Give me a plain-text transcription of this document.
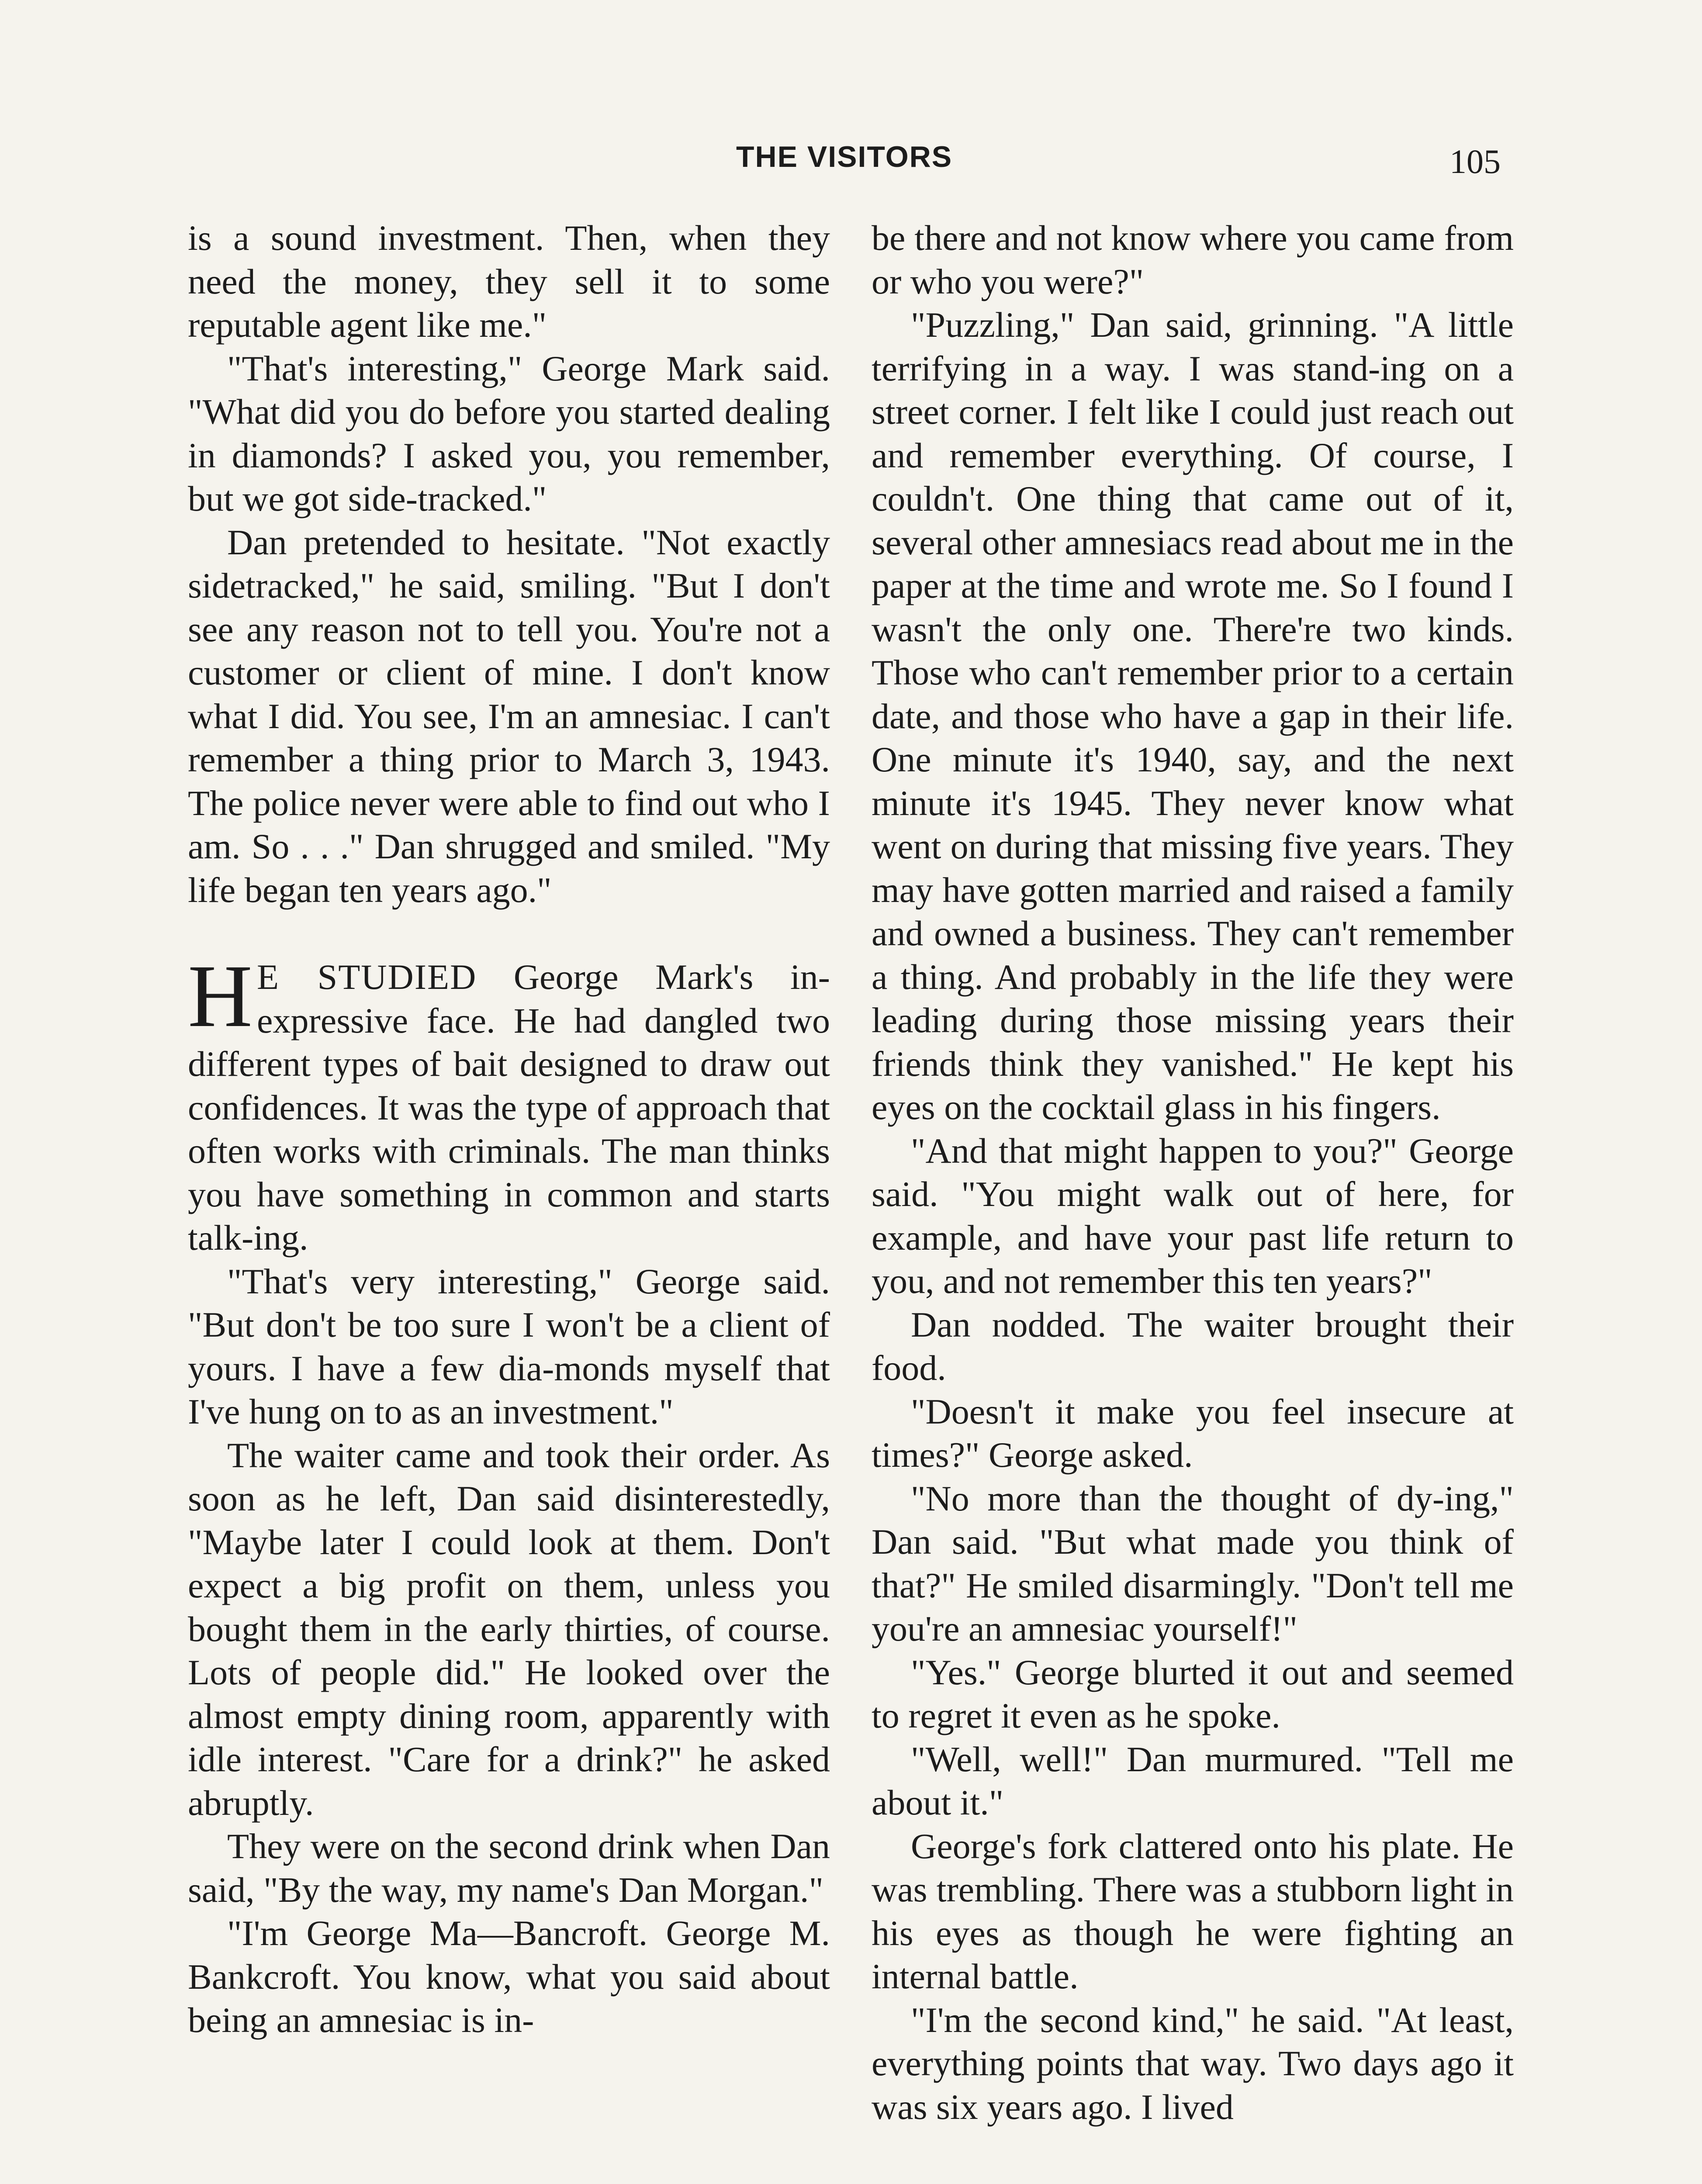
THE VISITORS	105

is a sound investment. Then, when they need the money, they sell it to some reputable agent like me."

"That's interesting," George Mark said. "What did you do before you started dealing in diamonds? I asked you, you remember, but we got side-tracked."

Dan pretended to hesitate. "Not exactly sidetracked," he said, smiling. "But I don't see any reason not to tell you. You're not a customer or client of mine. I don't know what I did. You see, I'm an amnesiac. I can't remember a thing prior to March 3, 1943. The police never were able to find out who I am. So . . ." Dan shrugged and smiled. "My life began ten years ago."

H E STUDIED George Mark's in-expressive face. He had dangled two different types of bait designed to draw out confidences. It was the type of approach that often works with criminals. The man thinks you have something in common and starts talk-ing.

"That's very interesting," George said. "But don't be too sure I won't be a client of yours. I have a few dia-monds myself that I've hung on to as an investment."

The waiter came and took their order. As soon as he left, Dan said disinterestedly, "Maybe later I could look at them. Don't expect a big profit on them, unless you bought them in the early thirties, of course. Lots of people did." He looked over the almost empty dining room, apparently with idle interest. "Care for a drink?" he asked abruptly.

They were on the second drink when Dan said, "By the way, my name's Dan Morgan."

"I'm George Ma—Bancroft. George M. Bankcroft. You know, what you said about being an amnesiac is in-

be there and not know where you came from or who you were?"

"Puzzling," Dan said, grinning. "A little terrifying in a way. I was stand-ing on a street corner. I felt like I could just reach out and remember everything. Of course, I couldn't. One thing that came out of it, several other amnesiacs read about me in the paper at the time and wrote me. So I found I wasn't the only one. There're two kinds. Those who can't remember prior to a certain date, and those who have a gap in their life. One minute it's 1940, say, and the next minute it's 1945. They never know what went on during that missing five years. They may have gotten married and raised a family and owned a business. They can't remember a thing. And probably in the life they were leading during those missing years their friends think they vanished." He kept his eyes on the cocktail glass in his fingers.

"And that might happen to you?" George said. "You might walk out of here, for example, and have your past life return to you, and not remember this ten years?"

Dan nodded. The waiter brought their food.

"Doesn't it make you feel insecure at times?" George asked.

"No more than the thought of dy-ing," Dan said. "But what made you think of that?" He smiled disarmingly. "Don't tell me you're an amnesiac yourself!"

"Yes." George blurted it out and seemed to regret it even as he spoke.

"Well, well!" Dan murmured. "Tell me about it."

George's fork clattered onto his plate. He was trembling. There was a stubborn light in his eyes as though he were fighting an internal battle.

"I'm the second kind," he said. "At least, everything points that way. Two days ago it was six years ago. I lived
